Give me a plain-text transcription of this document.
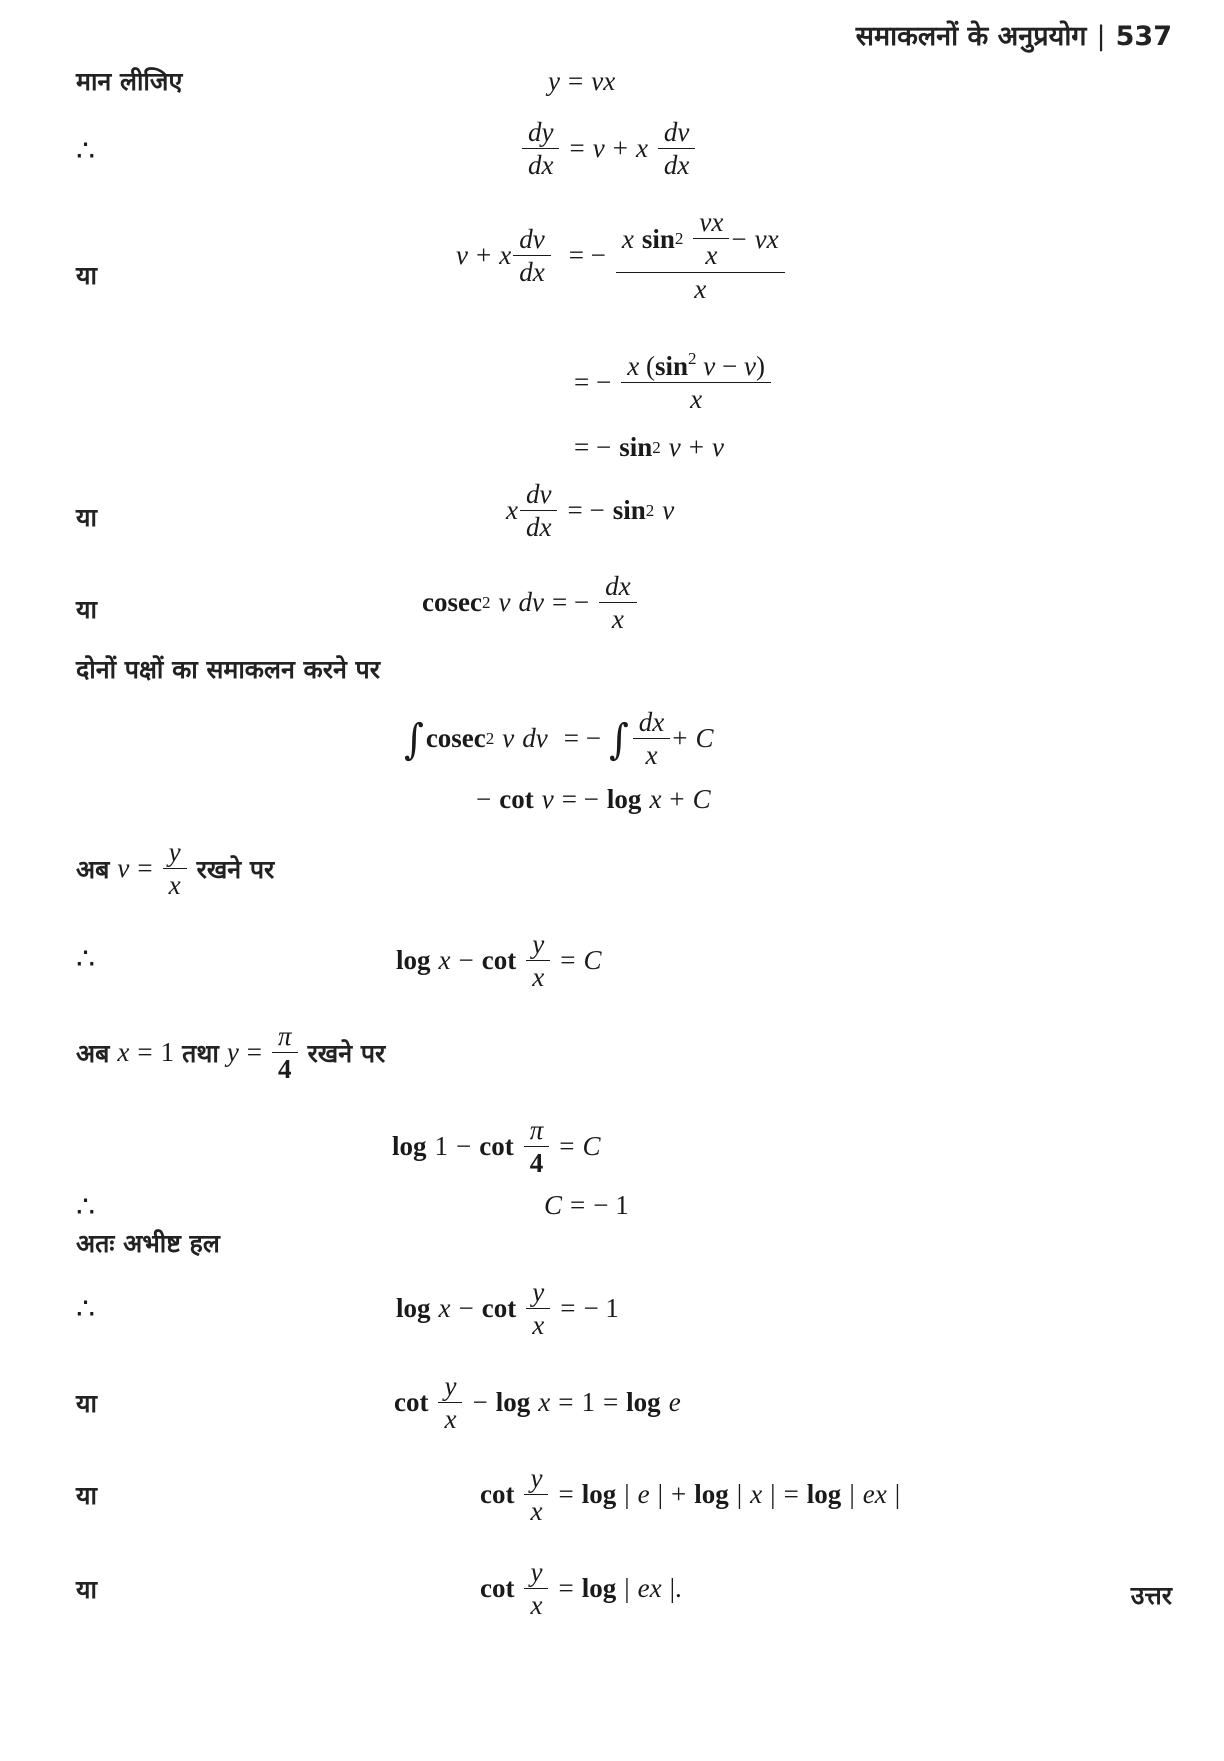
समाकलनों के अनुप्रयोग | 537
मान लीजिए	y = vx
∴	$\frac{dy}{dx} = v + x \frac{dv}{dx}$
या
v + x $\frac{dv}{dx}$ = − $\frac{x \sin 2 \frac{vx}{x} - vx}{x}$
= − $\frac{x (\sin^2 v - v)}{x}$
= − sin 2 v + v
या	x $\frac{dv}{dx}$ = − sin 2 v
या	cosec 2 v dv = − $\frac{dx}{x}$
दोनों पक्षों का समाकलन करने पर
∫ cosec 2 v dv = − ∫ $\frac{dx}{x} + C$
− cot v = − log x + C
अब $v = \frac{y}{x}$ रखने पर
∴	$\log x - \cot \frac{y}{x} = C$
अब x = 1 तथा $y = \frac{\pi}{4}$ रखने पर
$\log 1 - \cot \frac{\pi}{4} = C$
∴	C = − 1
अतः अभीष्ट हल
∴	$\log x - \cot \frac{y}{x}$ = − 1
या	$\cot \frac{y}{x} - \log x = 1 = \log e$
या	$\cot \frac{y}{x} = \log$ | e | + log | x | = log | ex |
या	$\cot \frac{y}{x} = \log$ | ex | .	उत्तर
